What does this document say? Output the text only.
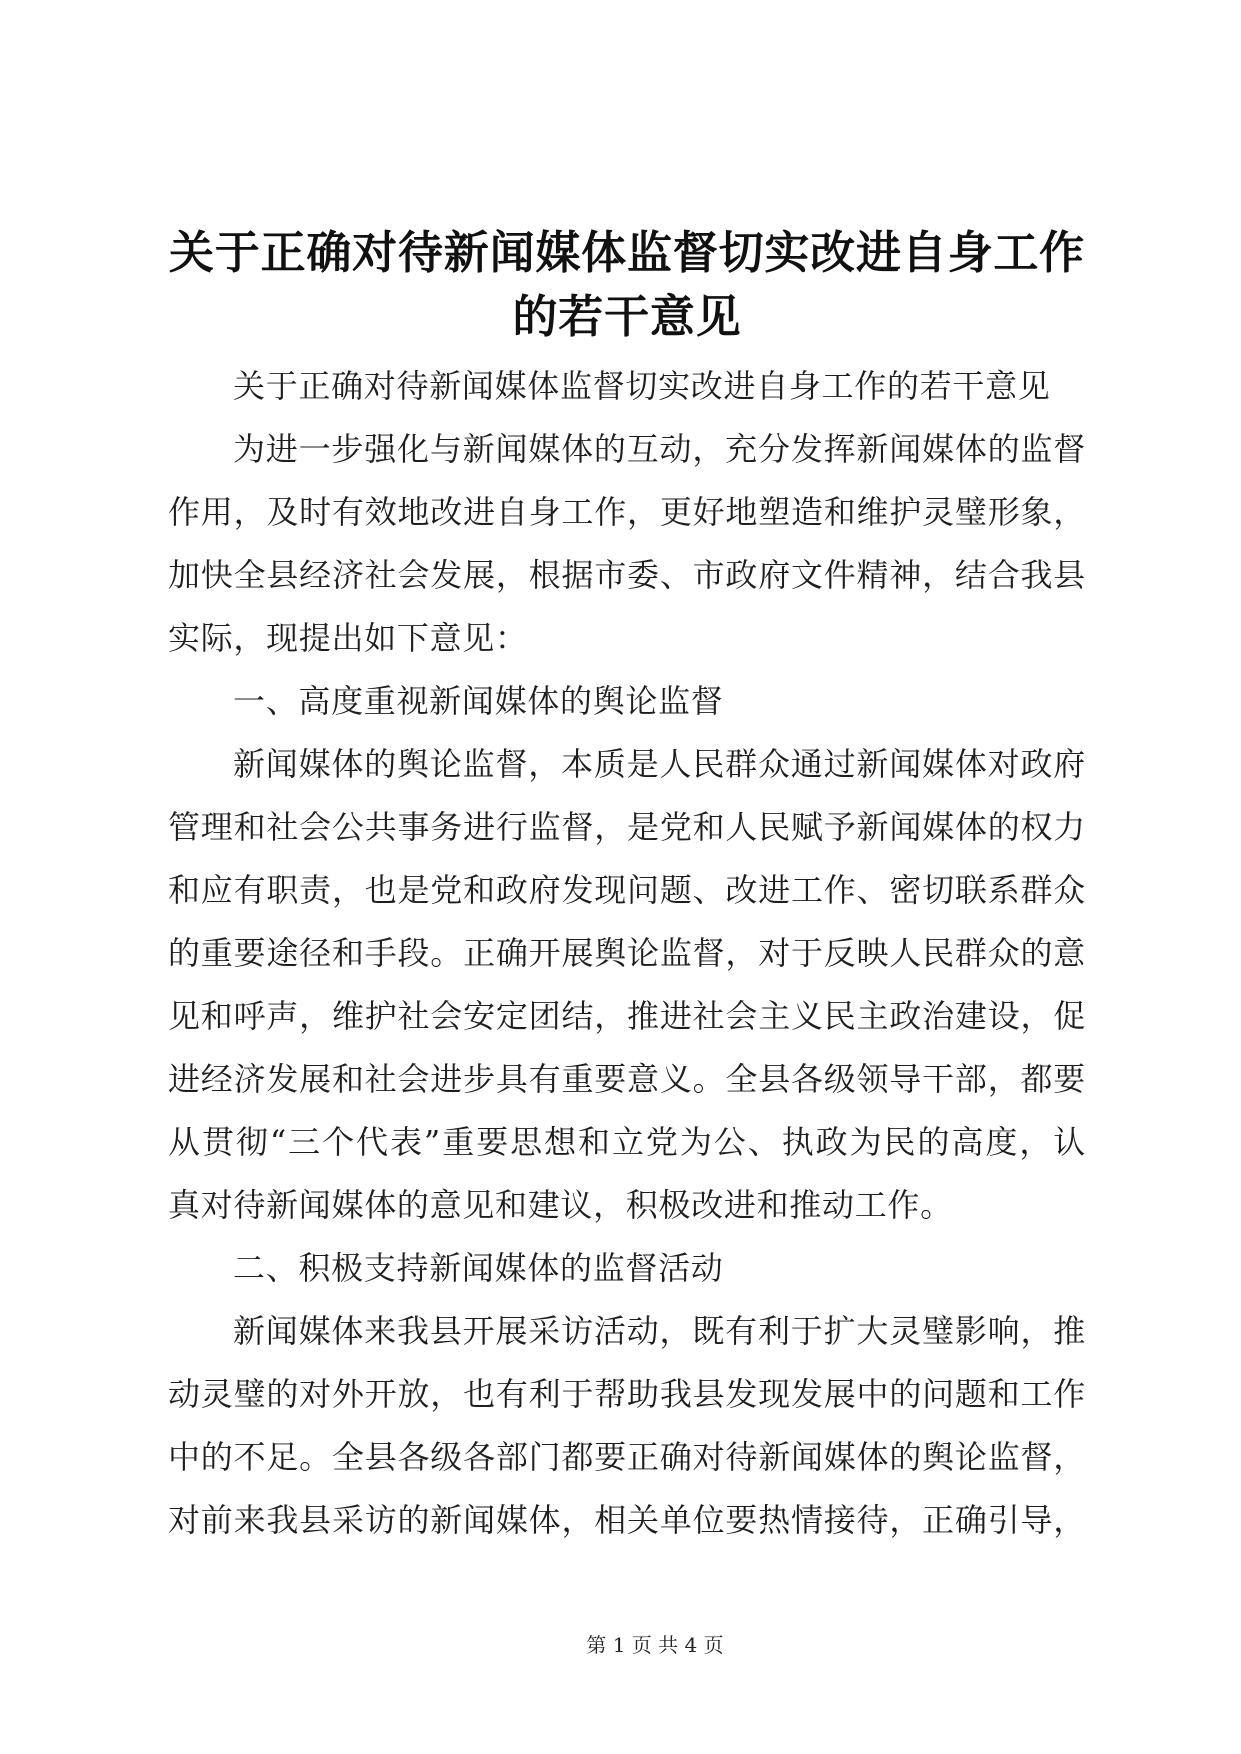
关于正确对待新闻媒体监督切实改进自身工作
的若干意见
关于正确对待新闻媒体监督切实改进自身工作的若干意见
为进一步强化与新闻媒体的互动，充分发挥新闻媒体的监督
作用，及时有效地改进自身工作，更好地塑造和维护灵璧形象，
加快全县经济社会发展，根据市委、市政府文件精神，结合我县
实际，现提出如下意见：
一、高度重视新闻媒体的舆论监督
新闻媒体的舆论监督，本质是人民群众通过新闻媒体对政府
管理和社会公共事务进行监督，是党和人民赋予新闻媒体的权力
和应有职责，也是党和政府发现问题、改进工作、密切联系群众
的重要途径和手段。正确开展舆论监督，对于反映人民群众的意
见和呼声，维护社会安定团结，推进社会主义民主政治建设，促
进经济发展和社会进步具有重要意义。全县各级领导干部，都要
从贯彻“三个代表”重要思想和立党为公、执政为民的高度，认
真对待新闻媒体的意见和建议，积极改进和推动工作。
二、积极支持新闻媒体的监督活动
新闻媒体来我县开展采访活动，既有利于扩大灵璧影响，推
动灵璧的对外开放，也有利于帮助我县发现发展中的问题和工作
中的不足。全县各级各部门都要正确对待新闻媒体的舆论监督，
对前来我县采访的新闻媒体，相关单位要热情接待，正确引导，
第 1 页 共 4 页
